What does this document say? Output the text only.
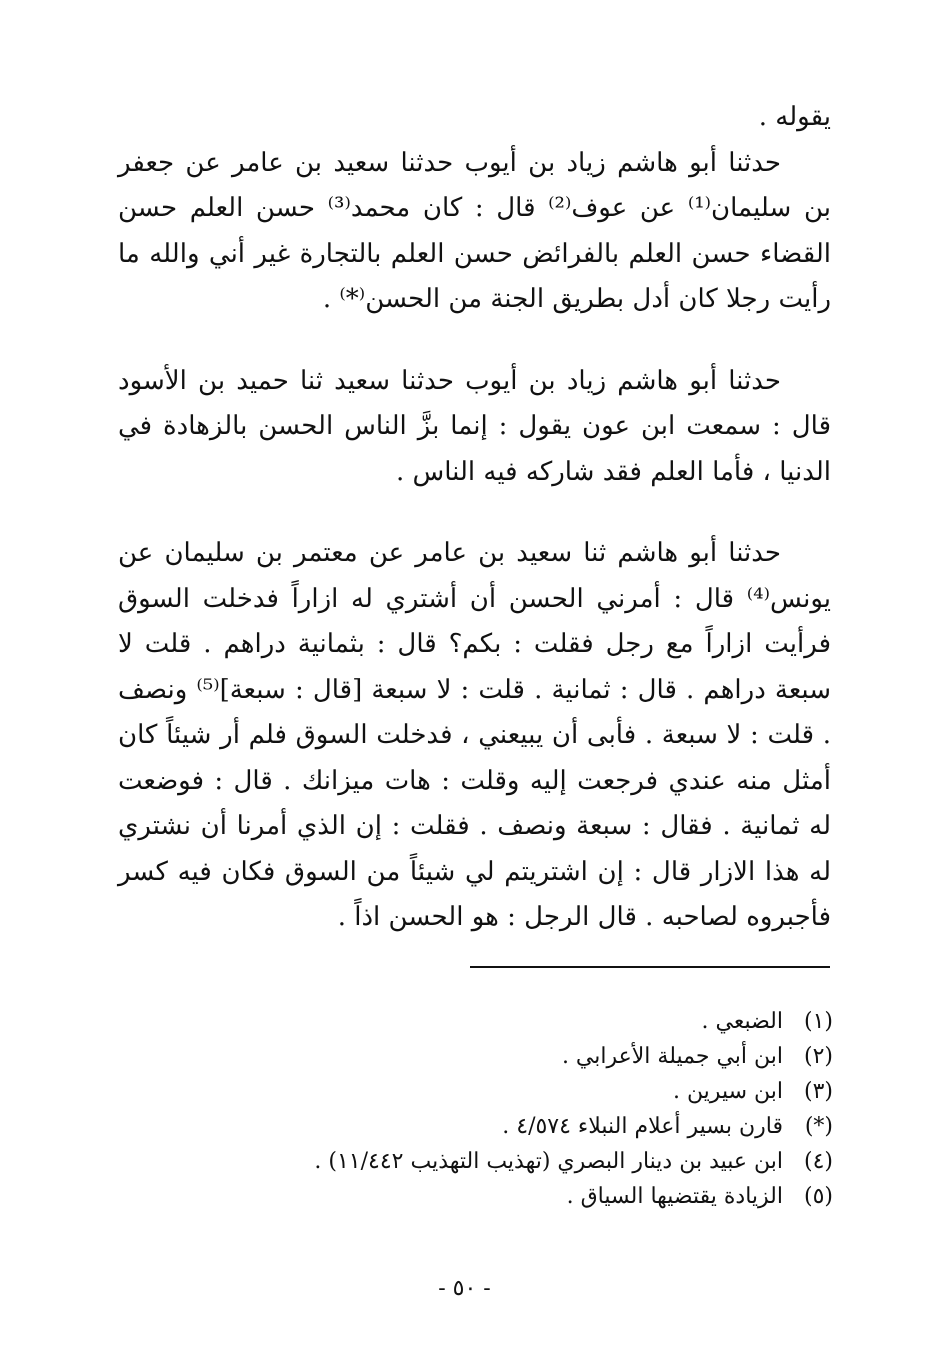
يقوله .

حدثنا أبو هاشم زياد بن أيوب حدثنا سعيد بن عامر عن جعفر بن سليمان⁽¹⁾ عن عوف⁽²⁾ قال : كان محمد⁽³⁾ حسن العلم حسن القضاء حسن العلم بالفرائض حسن العلم بالتجارة غير أني والله ما رأيت رجلا كان أدل بطريق الجنة من الحسن⁽*⁾ .

حدثنا أبو هاشم زياد بن أيوب حدثنا سعيد ثنا حميد بن الأسود قال : سمعت ابن عون يقول : إنما بزَّ الناس الحسن بالزهادة في الدنيا ، فأما العلم فقد شاركه فيه الناس .

حدثنا أبو هاشم ثنا سعيد بن عامر عن معتمر بن سليمان عن يونس⁽⁴⁾ قال : أمرني الحسن أن أشتري له ازاراً فدخلت السوق فرأيت ازاراً مع رجل فقلت : بكم؟ قال : بثمانية دراهم . قلت لا سبعة دراهم . قال : ثمانية . قلت : لا سبعة [قال : سبعة]⁽⁵⁾ ونصف . قلت : لا سبعة . فأبى أن يبيعني ، فدخلت السوق فلم أر شيئاً كان أمثل منه عندي فرجعت إليه وقلت : هات ميزانك . قال : فوضعت له ثمانية . فقال : سبعة ونصف . فقلت : إن الذي أمرنا أن نشتري له هذا الازار قال : إن اشتريتم لي شيئاً من السوق فكان فيه كسر فأجبروه لصاحبه . قال الرجل : هو الحسن اذاً .

(١)الضبعي .
(٢)ابن أبي جميلة الأعرابي .
(٣)ابن سيرين .
(*)قارن بسير أعلام النبلاء ٤/٥٧٤ .
(٤)ابن عبيد بن دينار البصري (تهذيب التهذيب ١١/٤٤٢) .
(٥)الزيادة يقتضيها السياق .
- ٥٠ -
